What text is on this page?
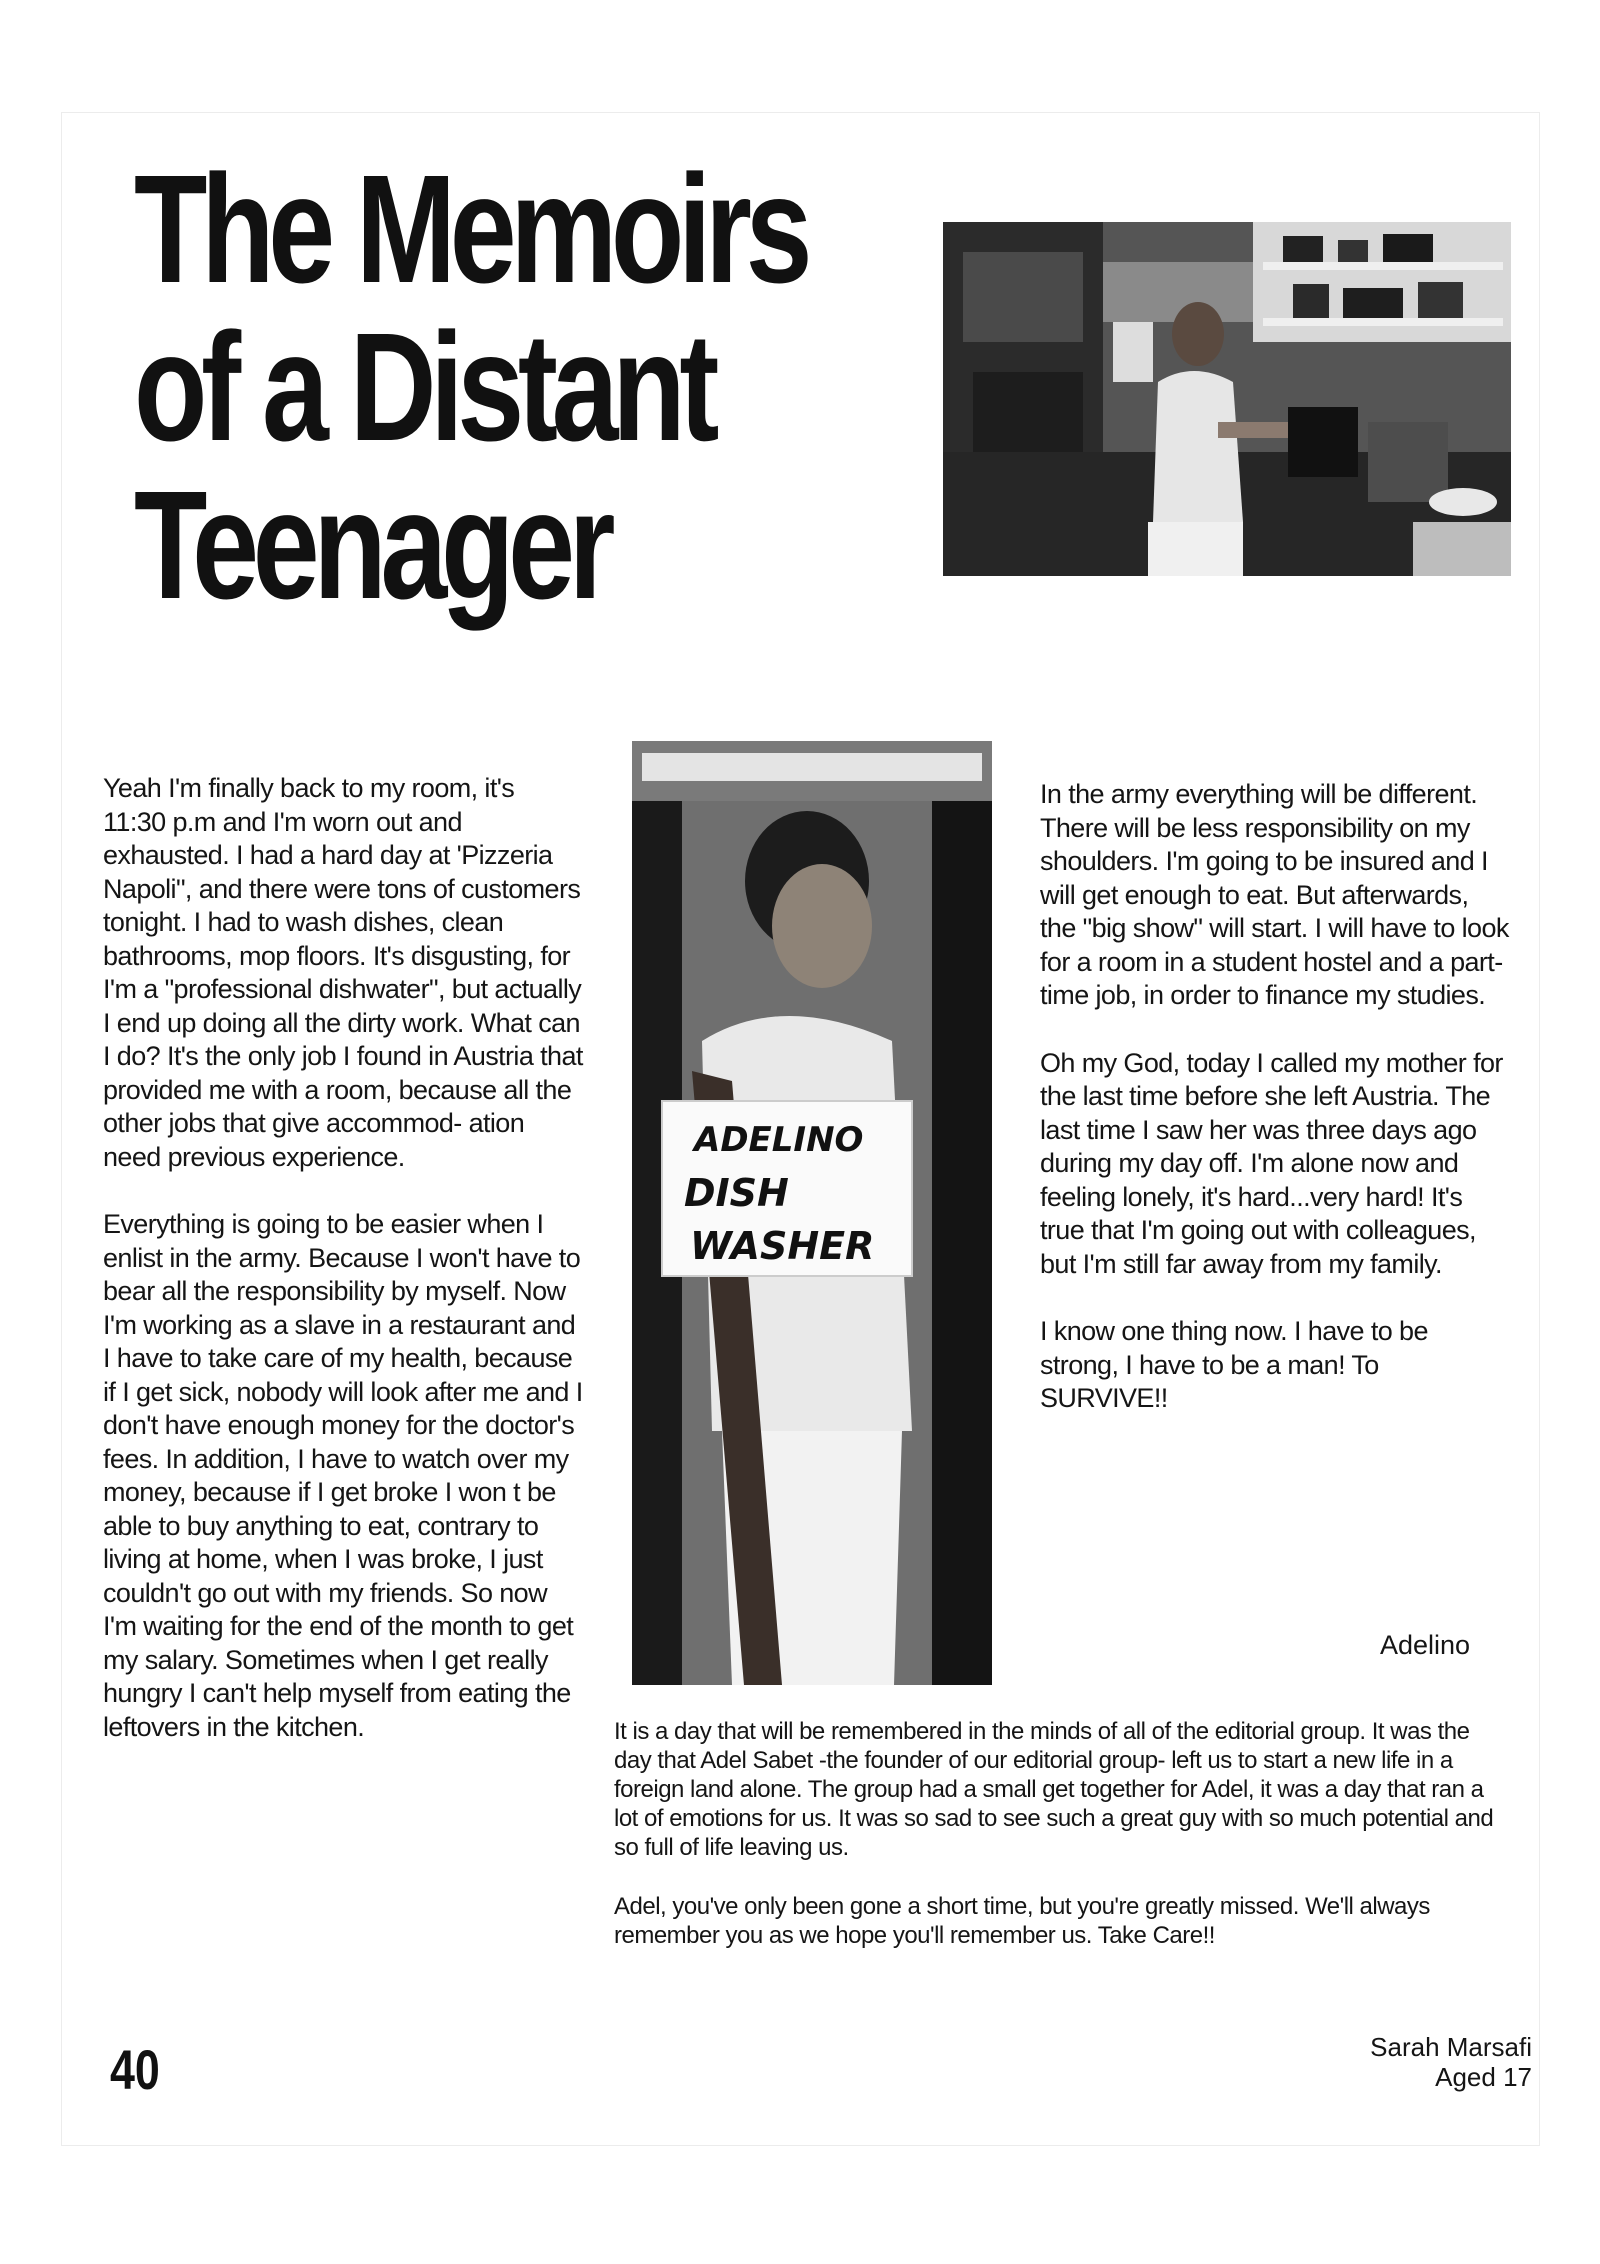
The Memoirs
of a Distant
Teenager
ADELINO
DISH
WASHER

Yeah I'm finally back to my room, it's 11:30 p.m and I'm worn out and exhausted. I had a hard day at 'Pizzeria Napoli", and there were tons of customers tonight. I had to wash dishes, clean bathrooms, mop floors. It's disgusting, for I'm a "professional dishwater", but actually I end up doing all the dirty work. What can I do? It's the only job I found in Austria that provided me with a room, because all the other jobs that give accommod- ation need previous experience.

Everything is going to be easier when I enlist in the army. Because I won't have to bear all the responsibility by myself. Now I'm working as a slave in a restaurant and I have to take care of my health, because if I get sick, nobody will look after me and I don't have enough money for the doctor's fees. In addition, I have to watch over my money, because if I get broke I won t be able to buy anything to eat, contrary to living at home, when I was broke, I just couldn't go out with my friends. So now I'm waiting for the end of the month to get my salary. Sometimes when I get really hungry I can't help myself from eating the leftovers in the kitchen.

In the army everything will be different. There will be less responsibility on my shoulders. I'm going to be insured and I will get enough to eat. But afterwards, the "big show" will start. I will have to look for a room in a student hostel and a part-time job, in order to finance my studies.

Oh my God, today I called my mother for the last time before she left Austria. The last time I saw her was three days ago during my day off. I'm alone now and feeling lonely, it's hard...very hard! It's true that I'm going out with colleagues, but I'm still far away from my family.

I know one thing now. I have to be strong, I have to be a man! To SURVIVE!!

Adelino

It is a day that will be remembered in the minds of all of the editorial group. It was the day that Adel Sabet -the founder of our editorial group- left us to start a new life in a foreign land alone. The group had a small get together for Adel, it was a day that ran a lot of emotions for us. It was so sad to see such a great guy with so much potential and so full of life leaving us.

Adel, you've only been gone a short time, but you're greatly missed. We'll always remember you as we hope you'll remember us. Take Care!!

Sarah Marsafi
Aged 17

40
